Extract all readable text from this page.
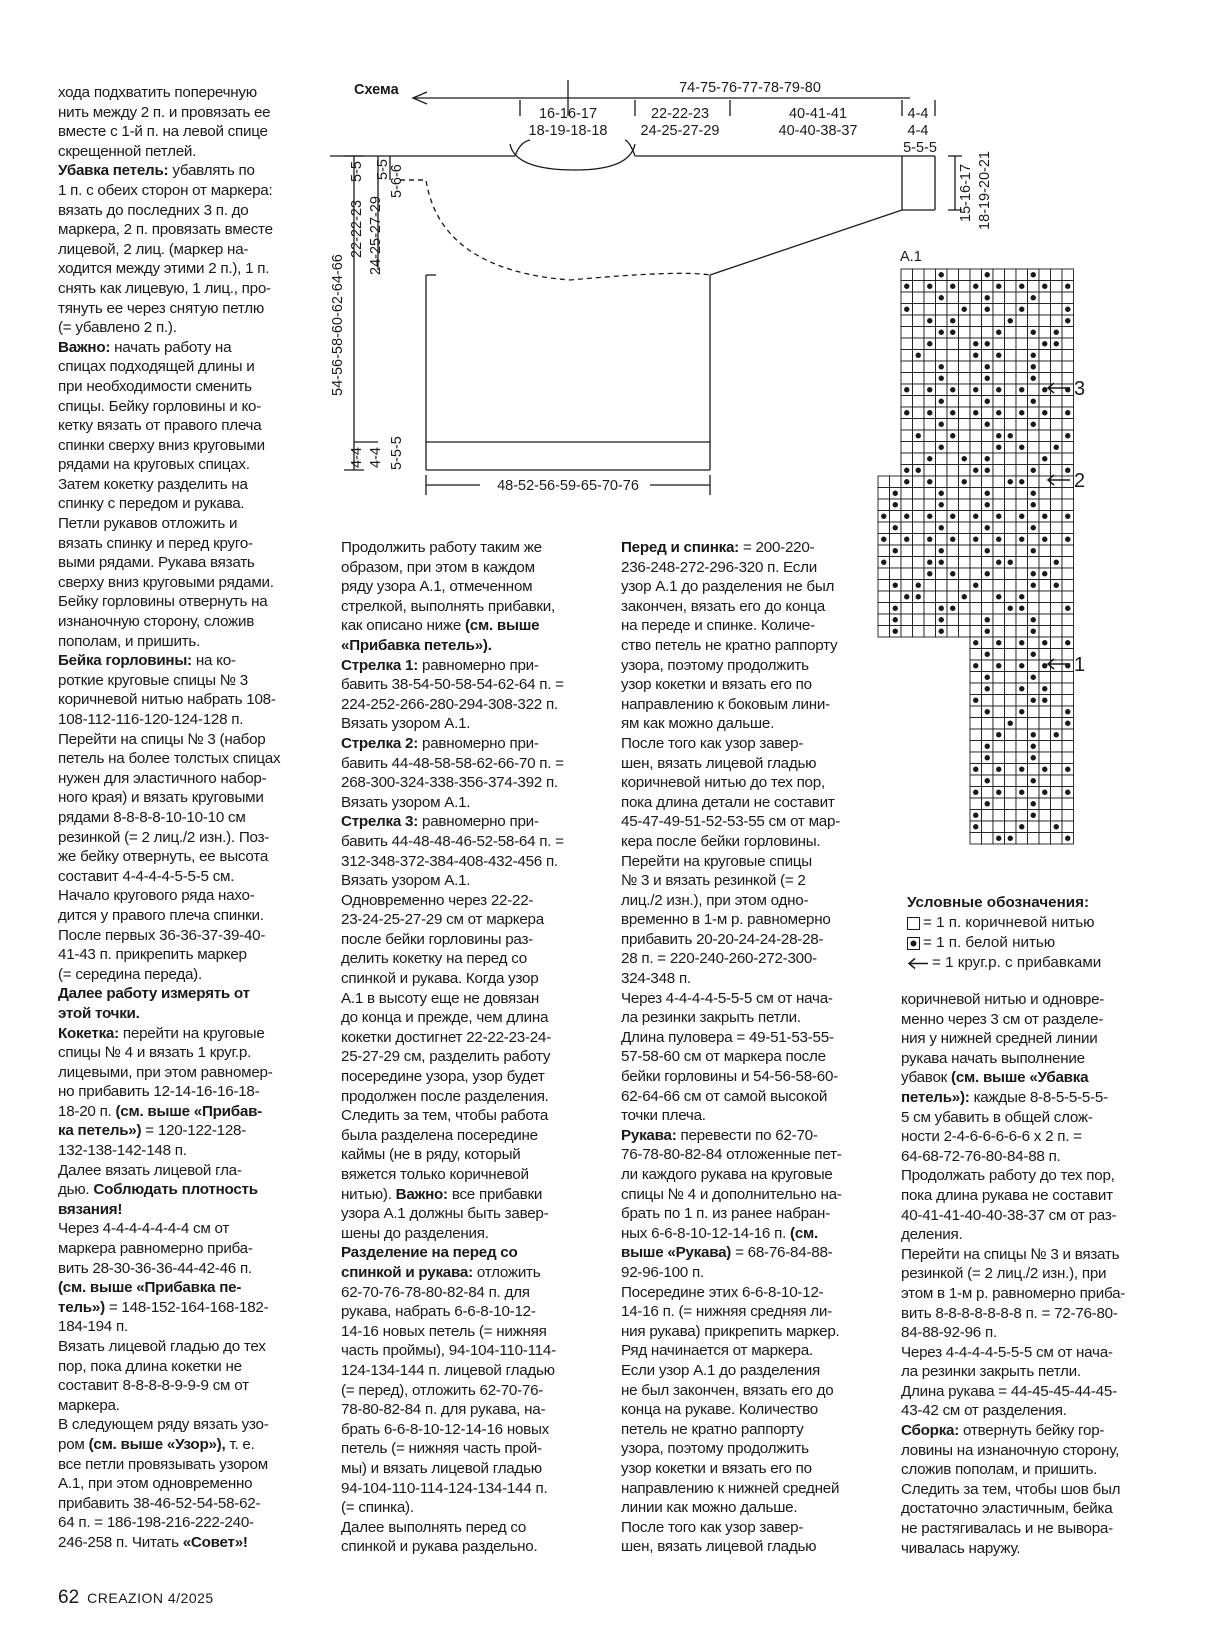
хода подхватить поперечную

нить между 2 п. и провязать ее

вместе с 1-й п. на левой спице

скрещенной петлей.

Убавка петель: убавлять по

1 п. с обеих сторон от маркера:

вязать до последних 3 п. до

маркера, 2 п. провязать вместе

лицевой, 2 лиц. (маркер на-

ходится между этими 2 п.), 1 п.

снять как лицевую, 1 лиц., про-

тянуть ее через снятую петлю

(= убавлено 2 п.).

Важно: начать работу на

спицах подходящей длины и

при необходимости сменить

спицы. Бейку горловины и ко-

кетку вязать от правого плеча

спинки сверху вниз круговыми

рядами на круговых спицах.

Затем кокетку разделить на

спинку с передом и рукава.

Петли рукавов отложить и

вязать спинку и перед круго-

выми рядами. Рукава вязать

сверху вниз круговыми рядами.

Бейку горловины отвернуть на

изнаночную сторону, сложив

пополам, и пришить.

Бейка горловины: на ко-

роткие круговые спицы № 3

коричневой нитью набрать 108-

108-112-116-120-124-128 п.

Перейти на спицы № 3 (набор

петель на более толстых спицах

нужен для эластичного набор-

ного края) и вязать круговыми

рядами 8-8-8-8-10-10-10 см

резинкой (= 2 лиц./2 изн.). Поз-

же бейку отвернуть, ее высота

составит 4-4-4-4-5-5-5 см.

Начало кругового ряда нахо-

дится у правого плеча спинки.

После первых 36-36-37-39-40-

41-43 п. прикрепить маркер

(= середина переда).

Далее работу измерять от

этой точки.

Кокетка: перейти на круговые

спицы № 4 и вязать 1 круг.р.

лицевыми, при этом равномер-

но прибавить 12-14-16-16-18-

18-20 п. (см. выше «Прибав-

ка петель») = 120-122-128-

132-138-142-148 п.

Далее вязать лицевой гла-

дью. Соблюдать плотность

вязания!

Через 4-4-4-4-4-4-4 см от

маркера равномерно приба-

вить 28-30-36-36-44-42-46 п.

(см. выше «Прибавка пе-

тель») = 148-152-164-168-182-

184-194 п.

Вязать лицевой гладью до тех

пор, пока длина кокетки не

составит 8-8-8-8-9-9-9 см от

маркера.

В следующем ряду вязать узо-

ром (см. выше «Узор»), т. е.

все петли провязывать узором

А.1, при этом одновременно

прибавить 38-46-52-54-58-62-

64 п. = 186-198-216-222-240-

246-258 п. Читать «Совет»!

Продолжить работу таким же

образом, при этом в каждом

ряду узора А.1, отмеченном

стрелкой, выполнять прибавки,

как описано ниже (см. выше

«Прибавка петель»).

Стрелка 1: равномерно при-

бавить 38-54-50-58-54-62-64 п. =

224-252-266-280-294-308-322 п.

Вязать узором А.1.

Стрелка 2: равномерно при-

бавить 44-48-58-58-62-66-70 п. =

268-300-324-338-356-374-392 п.

Вязать узором А.1.

Стрелка 3: равномерно при-

бавить 44-48-48-46-52-58-64 п. =

312-348-372-384-408-432-456 п.

Вязать узором А.1.

Одновременно через 22-22-

23-24-25-27-29 см от маркера

после бейки горловины раз-

делить кокетку на перед со

спинкой и рукава. Когда узор

А.1 в высоту еще не довязан

до конца и прежде, чем длина

кокетки достигнет 22-22-23-24-

25-27-29 см, разделить работу

посередине узора, узор будет

продолжен после разделения.

Следить за тем, чтобы работа

была разделена посередине

каймы (не в ряду, который

вяжется только коричневой

нитью). Важно: все прибавки

узора А.1 должны быть завер-

шены до разделения.

Разделение на перед со

спинкой и рукава: отложить

62-70-76-78-80-82-84 п. для

рукава, набрать 6-6-8-10-12-

14-16 новых петель (= нижняя

часть проймы), 94-104-110-114-

124-134-144 п. лицевой гладью

(= перед), отложить 62-70-76-

78-80-82-84 п. для рукава, на-

брать 6-6-8-10-12-14-16 новых

петель (= нижняя часть прой-

мы) и вязать лицевой гладью

94-104-110-114-124-134-144 п.

(= спинка).

Далее выполнять перед со

спинкой и рукава раздельно.

Перед и спинка: = 200-220-

236-248-272-296-320 п. Если

узор А.1 до разделения не был

закончен, вязать его до конца

на переде и спинке. Количе-

ство петель не кратно раппорту

узора, поэтому продолжить

узор кокетки и вязать его по

направлению к боковым лини-

ям как можно дальше.

После того как узор завер-

шен, вязать лицевой гладью

коричневой нитью до тех пор,

пока длина детали не составит

45-47-49-51-52-53-55 см от мар-

кера после бейки горловины.

Перейти на круговые спицы

№ 3 и вязать резинкой (= 2

лиц./2 изн.), при этом одно-

временно в 1-м р. равномерно

прибавить 20-20-24-24-28-28-

28 п. = 220-240-260-272-300-

324-348 п.

Через 4-4-4-4-5-5-5 см от нача-

ла резинки закрыть петли.

Длина пуловера = 49-51-53-55-

57-58-60 см от маркера после

бейки горловины и 54-56-58-60-

62-64-66 см от самой высокой

точки плеча.

Рукава: перевести по 62-70-

76-78-80-82-84 отложенные пет-

ли каждого рукава на круговые

спицы № 4 и дополнительно на-

брать по 1 п. из ранее набран-

ных 6-6-8-10-12-14-16 п. (см.

выше «Рукава) = 68-76-84-88-

92-96-100 п.

Посередине этих 6-6-8-10-12-

14-16 п. (= нижняя средняя ли-

ния рукава) прикрепить маркер.

Ряд начинается от маркера.

Если узор А.1 до разделения

не был закончен, вязать его до

конца на рукаве. Количество

петель не кратно раппорту

узора, поэтому продолжить

узор кокетки и вязать его по

направлению к нижней средней

линии как можно дальше.

После того как узор завер-

шен, вязать лицевой гладью

коричневой нитью и одновре-

менно через 3 см от разделе-

ния у нижней средней линии

рукава начать выполнение

убавок (см. выше «Убавка

петель»): каждые 8-8-5-5-5-5-

5 см убавить в общей слож-

ности 2-4-6-6-6-6-6 х 2 п. =

64-68-72-76-80-84-88 п.

Продолжать работу до тех пор,

пока длина рукава не составит

40-41-41-40-40-38-37 см от раз-

деления.

Перейти на спицы № 3 и вязать

резинкой (= 2 лиц./2 изн.), при

этом в 1-м р. равномерно приба-

вить 8-8-8-8-8-8-8 п. = 72-76-80-

84-88-92-96 п.

Через 4-4-4-4-5-5-5 см от нача-

ла резинки закрыть петли.

Длина рукава = 44-45-45-44-45-

43-42 см от разделения.

Сборка: отвернуть бейку гор-

ловины на изнаночную сторону,

сложив пополам, и пришить.

Следить за тем, чтобы шов был

достаточно эластичным, бейка

не растягивалась и не вывора-

чивалась наружу.

Схема	74-75-76-77-78-79-80
16-16-17
18-19-18-18
22-22-23
24-25-27-29
40-41-41
40-40-38-37
4-4
4-4
5-5-5
48-52-56-59-65-70-76
5-5 5-5
5-6-6
22-22-23 24-25-27-29
54-56-58-60-62-64-66
4-4 4-4 5-5-5
15-16-17 18-19-20-21
A.1
3
2
1
Условные обозначения:
= 1 п. коричневой нитью
= 1 п. белой нитью
= 1 круг.р. с прибавками
62 CREAZION 4/2025
